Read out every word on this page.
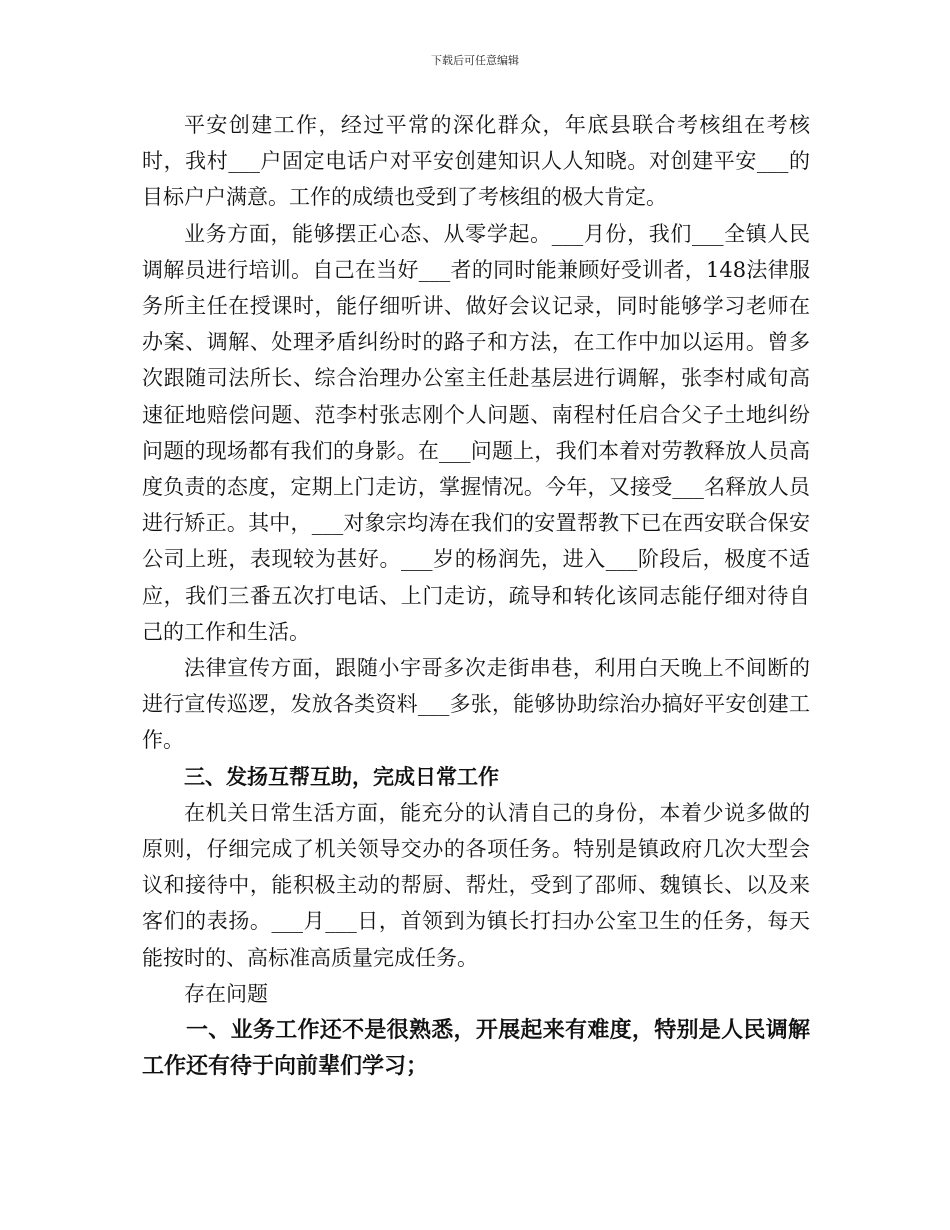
下载后可任意编辑

平安创建工作，经过平常的深化群众，年底县联合考核组在考核时，我村___户固定电话户对平安创建知识人人知晓。对创建平安___的目标户户满意。工作的成绩也受到了考核组的极大肯定。

业务方面，能够摆正心态、从零学起。___月份，我们___全镇人民调解员进行培训。自己在当好___者的同时能兼顾好受训者，148法律服务所主任在授课时，能仔细听讲、做好会议记录，同时能够学习老师在办案、调解、处理矛盾纠纷时的路子和方法，在工作中加以运用。曾多次跟随司法所长、综合治理办公室主任赴基层进行调解，张李村咸旬高速征地赔偿问题、范李村张志刚个人问题、南程村任启合父子土地纠纷问题的现场都有我们的身影。在___问题上，我们本着对劳教释放人员高度负责的态度，定期上门走访，掌握情况。今年，又接受___名释放人员进行矫正。其中，___对象宗均涛在我们的安置帮教下已在西安联合保安公司上班，表现较为甚好。___岁的杨润先，进入___阶段后，极度不适应，我们三番五次打电话、上门走访，疏导和转化该同志能仔细对待自己的工作和生活。

法律宣传方面，跟随小宇哥多次走街串巷，利用白天晚上不间断的进行宣传巡逻，发放各类资料___多张，能够协助综治办搞好平安创建工作。

三、发扬互帮互助，完成日常工作

在机关日常生活方面，能充分的认清自己的身份，本着少说多做的原则，仔细完成了机关领导交办的各项任务。特别是镇政府几次大型会议和接待中，能积极主动的帮厨、帮灶，受到了邵师、魏镇长、以及来客们的表扬。___月___日，首领到为镇长打扫办公室卫生的任务，每天能按时的、高标准高质量完成任务。

存在问题

一、业务工作还不是很熟悉，开展起来有难度，特别是人民调解工作还有待于向前辈们学习；
